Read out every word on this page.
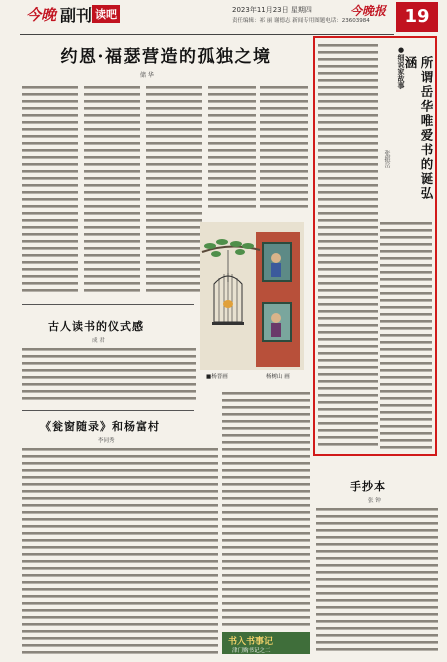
今晚 副刊 读吧	2023年11月23日 星期四
责任编辑：祁 丽 谢德志 新闻专用图题电话：23603984
今晚报	19
约恩·福瑟营造的孤独之境
储 华
■杨晋画	杨树山 画
●细说家故事	所谓岳华唯爱书的诞弘涵
张振岳
古人读书的仪式感
成 君
《瓮窗随录》和杨富村
李同秀
手抄本
张 钟
书入书事记
津门购书记之二
